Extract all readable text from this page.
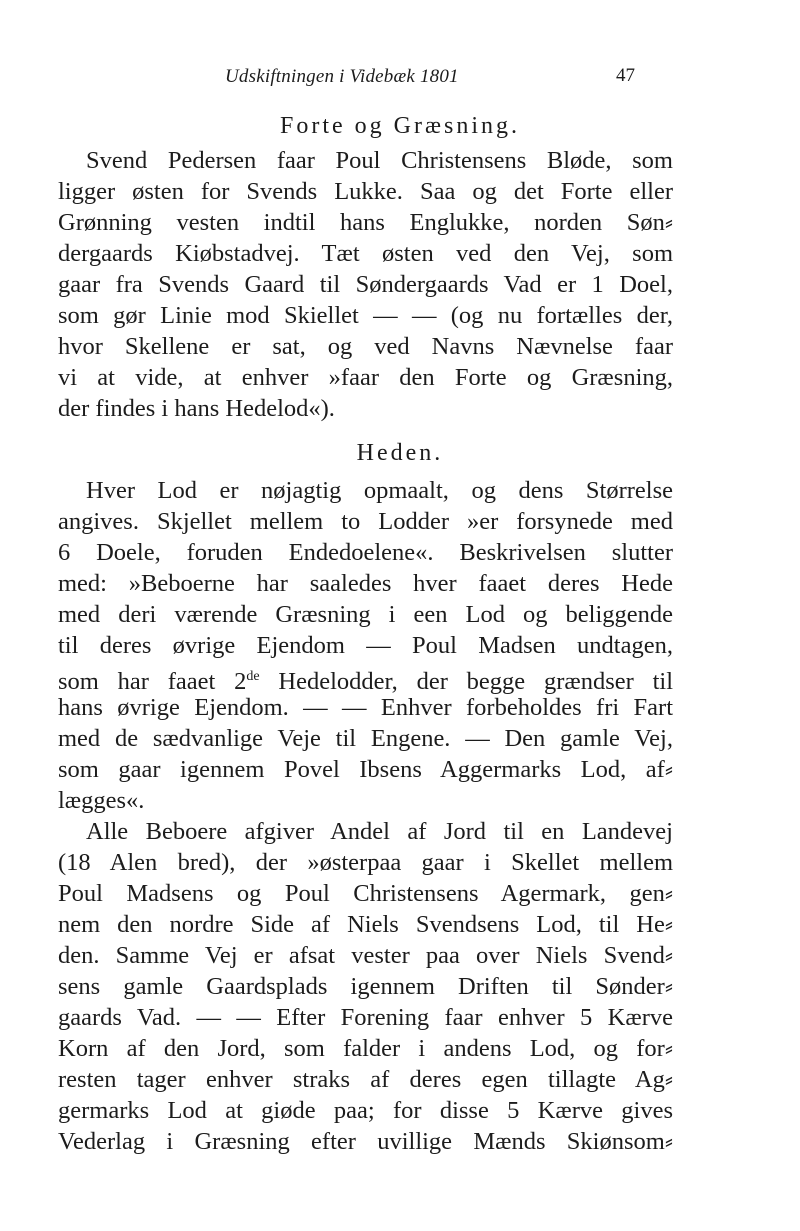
Udskiftningen i Videbæk 1801	47
Forte og Græsning.
Svend Pedersen faar Poul Christensens Bløde, som
ligger østen for Svends Lukke. Saa og det Forte eller
Grønning vesten indtil hans Englukke, norden Søn⸗
dergaards Kiøbstadvej. Tæt østen ved den Vej, som
gaar fra Svends Gaard til Søndergaards Vad er 1 Doel,
som gør Linie mod Skiellet — — (og nu fortælles der,
hvor Skellene er sat, og ved Navns Nævnelse faar
vi at vide, at enhver »faar den Forte og Græsning,
der findes i hans Hedelod«).
Heden.
Hver Lod er nøjagtig opmaalt, og dens Størrelse
angives. Skjellet mellem to Lodder »er forsynede med
6 Doele, foruden Endedoelene«. Beskrivelsen slutter
med: »Beboerne har saaledes hver faaet deres Hede
med deri værende Græsning i een Lod og beliggende
til deres øvrige Ejendom — Poul Madsen undtagen,
som har faaet 2de Hedelodder, der begge grændser til
hans øvrige Ejendom. — — Enhver forbeholdes fri Fart
med de sædvanlige Veje til Engene. — Den gamle Vej,
som gaar igennem Povel Ibsens Aggermarks Lod, af⸗
lægges«.
Alle Beboere afgiver Andel af Jord til en Landevej
(18 Alen bred), der »østerpaa gaar i Skellet mellem
Poul Madsens og Poul Christensens Agermark, gen⸗
nem den nordre Side af Niels Svendsens Lod, til He⸗
den. Samme Vej er afsat vester paa over Niels Svend⸗
sens gamle Gaardsplads igennem Driften til Sønder⸗
gaards Vad. — — Efter Forening faar enhver 5 Kærve
Korn af den Jord, som falder i andens Lod, og for⸗
resten tager enhver straks af deres egen tillagte Ag⸗
germarks Lod at giøde paa; for disse 5 Kærve gives
Vederlag i Græsning efter uvillige Mænds Skiønsom⸗
